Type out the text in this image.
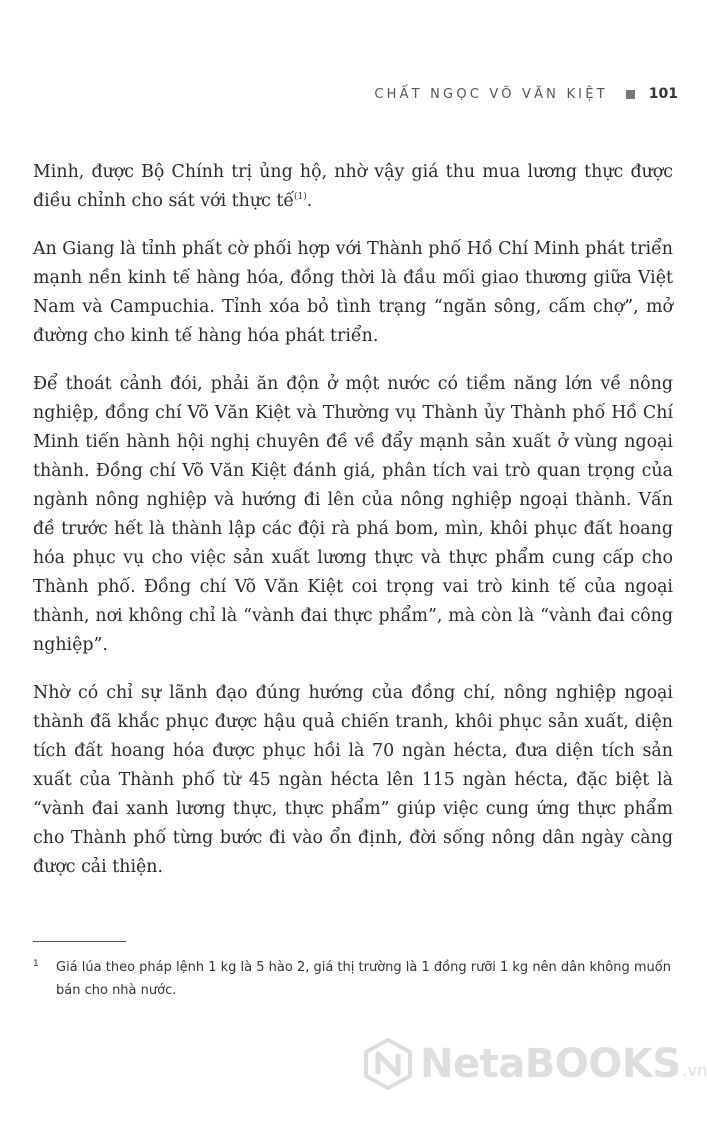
CHẤT NGỌC VÕ VĂN KIỆT	101

Minh, được Bộ Chính trị ủng hộ, nhờ vậy giá thu mua lương thực được điều chỉnh cho sát với thực tế$^{(1)}$.

An Giang là tỉnh phất cờ phối hợp với Thành phố Hồ Chí Minh phát triển mạnh nền kinh tế hàng hóa, đồng thời là đầu mối giao thương giữa Việt Nam và Campuchia. Tỉnh xóa bỏ tình trạng “ngăn sông, cấm chợ”, mở đường cho kinh tế hàng hóa phát triển.

Để thoát cảnh đói, phải ăn độn ở một nước có tiềm năng lớn về nông nghiệp, đồng chí Võ Văn Kiệt và Thường vụ Thành ủy Thành phố Hồ Chí Minh tiến hành hội nghị chuyên đề về đẩy mạnh sản xuất ở vùng ngoại thành. Đồng chí Võ Văn Kiệt đánh giá, phân tích vai trò quan trọng của ngành nông nghiệp và hướng đi lên của nông nghiệp ngoại thành. Vấn đề trước hết là thành lập các đội rà phá bom, mìn, khôi phục đất hoang hóa phục vụ cho việc sản xuất lương thực và thực phẩm cung cấp cho Thành phố. Đồng chí Võ Văn Kiệt coi trọng vai trò kinh tế của ngoại thành, nơi không chỉ là “vành đai thực phẩm”, mà còn là “vành đai công nghiệp”.

Nhờ có chỉ sự lãnh đạo đúng hướng của đồng chí, nông nghiệp ngoại thành đã khắc phục được hậu quả chiến tranh, khôi phục sản xuất, diện tích đất hoang hóa được phục hồi là 70 ngàn hécta, đưa diện tích sản xuất của Thành phố từ 45 ngàn hécta lên 115 ngàn hécta, đặc biệt là “vành đai xanh lương thực, thực phẩm” giúp việc cung ứng thực phẩm cho Thành phố từng bước đi vào ổn định, đời sống nông dân ngày càng được cải thiện.

1	Giá lúa theo pháp lệnh 1 kg là 5 hào 2, giá thị trường là 1 đồng rưỡi 1 kg nên dân không muốn bán cho nhà nước.
NetaBOOKS .vn
